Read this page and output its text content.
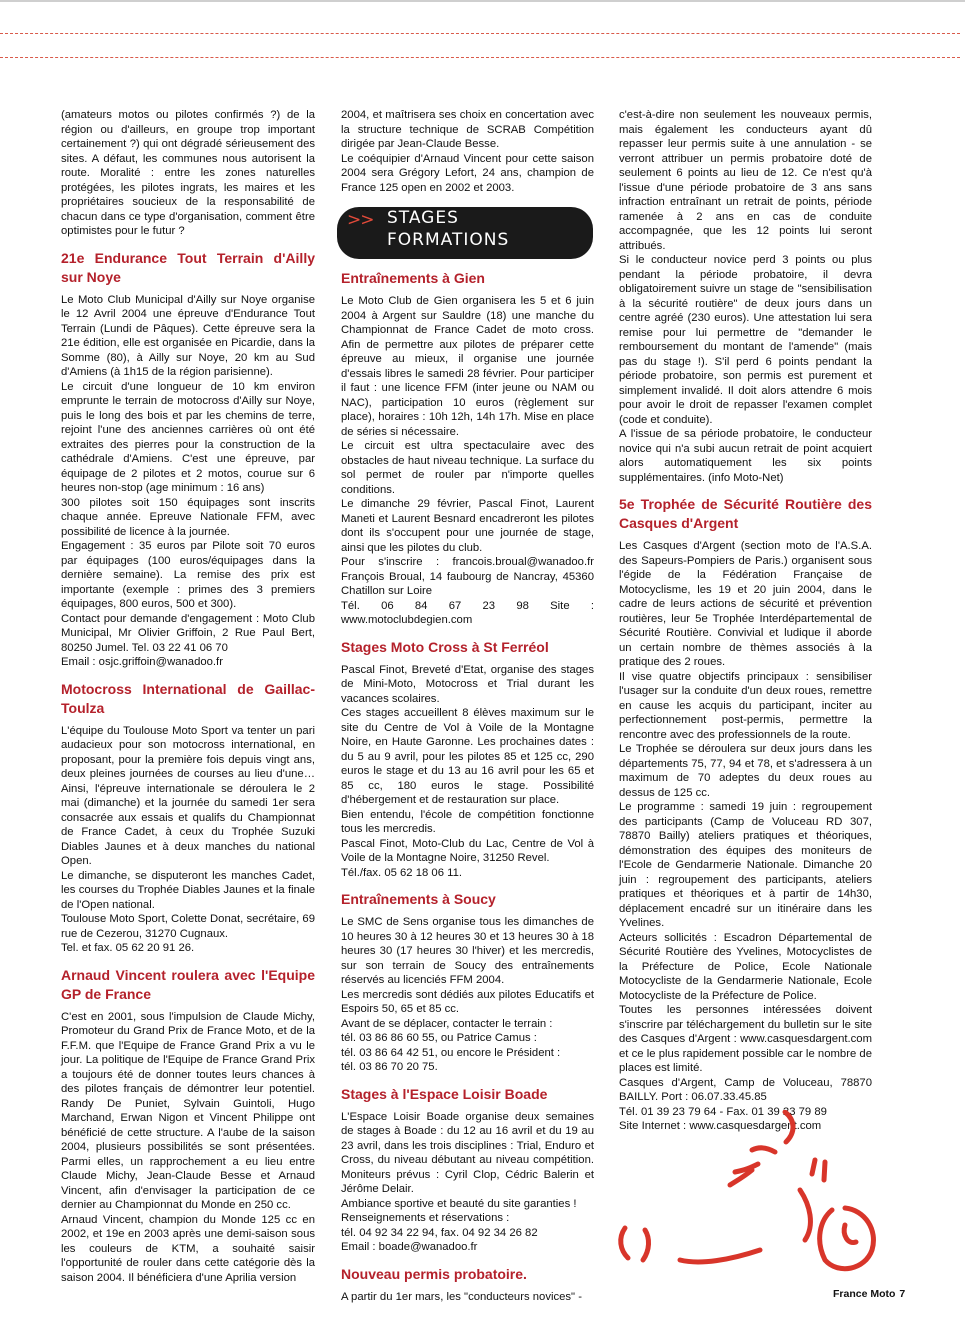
(amateurs motos ou pilotes confirmés ?) de la région ou d'ailleurs, en groupe trop important certainement ?) qui ont dégradé sérieusement des sites. A défaut, les communes nous autorisent la route. Moralité : entre les zones naturelles protégées, les pilotes ingrats, les maires et les propriétaires soucieux de la responsabilité de chacun dans ce type d'organisation, comment être optimistes pour le futur ?

21e Endurance Tout Terrain d'Ailly sur Noye

Le Moto Club Municipal d'Ailly sur Noye organise le 12 Avril 2004 une épreuve d'Endurance Tout Terrain (Lundi de Pâques). Cette épreuve sera la 21e édition, elle est organisée en Picardie, dans la Somme (80), à Ailly sur Noye, 20 km au Sud d'Amiens (à 1h15 de la région parisienne).

Le circuit d'une longueur de 10 km environ emprunte le terrain de motocross d'Ailly sur Noye, puis le long des bois et par les chemins de terre, rejoint l'une des anciennes carrières où ont été extraites des pierres pour la construction de la cathédrale d'Amiens. C'est une épreuve, par équipage de 2 pilotes et 2 motos, courue sur 6 heures non-stop (age minimum : 16 ans)

300 pilotes soit 150 équipages sont inscrits chaque année. Epreuve Nationale FFM, avec possibilité de licence à la journée.

Engagement : 35 euros par Pilote soit 70 euros par équipages (100 euros/équipages dans la dernière semaine). La remise des prix est importante (exemple : primes des 3 premiers équipages, 800 euros, 500 et 300).

Contact pour demande d'engagement : Moto Club Municipal, Mr Olivier Griffoin, 2 Rue Paul Bert, 80250 Jumel. Tel. 03 22 41 06 70

Email : osjc.griffoin@wanadoo.fr

Motocross International de Gaillac-Toulza

L'équipe du Toulouse Moto Sport va tenter un pari audacieux pour son motocross international, en proposant, pour la première fois depuis vingt ans, deux pleines journées de courses au lieu d'une… Ainsi, l'épreuve internationale se déroulera le 2 mai (dimanche) et la journée du samedi 1er sera consacrée aux essais et qualifs du Championnat de France Cadet, à ceux du Trophée Suzuki Diables Jaunes et à deux manches du national Open.

Le dimanche, se disputeront les manches Cadet, les courses du Trophée Diables Jaunes et la finale de l'Open national.

Toulouse Moto Sport, Colette Donat, secrétaire, 69 rue de Cezerou, 31270 Cugnaux.

Tel. et fax. 05 62 20 91 26.

Arnaud Vincent roulera avec l'Equipe GP de France

C'est en 2001, sous l'impulsion de Claude Michy, Promoteur du Grand Prix de France Moto, et de la F.F.M. que l'Equipe de France Grand Prix a vu le jour. La politique de l'Equipe de France Grand Prix a toujours été de donner toutes leurs chances à des pilotes français de démontrer leur potentiel. Randy De Puniet, Sylvain Guintoli, Hugo Marchand, Erwan Nigon et Vincent Philippe ont bénéficié de cette structure. A l'aube de la saison 2004, plusieurs possibilités se sont présentées. Parmi elles, un rapprochement a eu lieu entre Claude Michy, Jean-Claude Besse et Arnaud Vincent, afin d'envisager la participation de ce dernier au Championnat du Monde en 250 cc.

Arnaud Vincent, champion du Monde 125 cc en 2002, et 19e en 2003 après une demi-saison sous les couleurs de KTM, a souhaité saisir l'opportunité de rouler dans cette catégorie dès la saison 2004. Il bénéficiera d'une Aprilia version

2004, et maîtrisera ses choix en concertation avec la structure technique de SCRAB Compétition dirigée par Jean-Claude Besse.

Le coéquipier d'Arnaud Vincent pour cette saison 2004 sera Grégory Lefort, 24 ans, champion de France 125 open en 2002 et 2003.

>> STAGES
FORMATIONS
Entraînements à Gien

Le Moto Club de Gien organisera les 5 et 6 juin 2004 à Argent sur Sauldre (18) une manche du Championnat de France Cadet de moto cross. Afin de permettre aux pilotes de préparer cette épreuve au mieux, il organise une journée d'essais libres le samedi 28 février. Pour participer il faut : une licence FFM (inter jeune ou NAM ou NAC), participation 10 euros (règlement sur place), horaires : 10h 12h, 14h 17h. Mise en place de séries si nécessaire.

Le circuit est ultra spectaculaire avec des obstacles de haut niveau technique. La surface du sol permet de rouler par n'importe quelles conditions.

Le dimanche 29 février, Pascal Finot, Laurent Maneti et Laurent Besnard encadreront les pilotes dont ils s'occupent pour une journée de stage, ainsi que les pilotes du club.

Pour s'inscrire : francois.broual@wanadoo.fr François Broual, 14 faubourg de Nancray, 45360 Chatillon sur Loire

Tél. 06 84 67 23 98 Site : www.motoclubdegien.com

Stages Moto Cross à St Ferréol

Pascal Finot, Breveté d'Etat, organise des stages de Mini-Moto, Motocross et Trial durant les vacances scolaires.

Ces stages accueillent 8 élèves maximum sur le site du Centre de Vol à Voile de la Montagne Noire, en Haute Garonne. Les prochaines dates : du 5 au 9 avril, pour les pilotes 85 et 125 cc, 290 euros le stage et du 13 au 16 avril pour les 65 et 85 cc, 180 euros le stage. Possibilité d'hébergement et de restauration sur place.

Bien entendu, l'école de compétition fonctionne tous les mercredis.

Pascal Finot, Moto-Club du Lac, Centre de Vol à Voile de la Montagne Noire, 31250 Revel.

Tél./fax. 05 62 18 06 11.

Entraînements à Soucy

Le SMC de Sens organise tous les dimanches de 10 heures 30 à 12 heures 30 et 13 heures 30 à 18 heures 30 (17 heures 30 l'hiver) et les mercredis, sur son terrain de Soucy des entraînements réservés au licenciés FFM 2004.

Les mercredis sont dédiés aux pilotes Educatifs et Espoirs 50, 65 et 85 cc.

Avant de se déplacer, contacter le terrain :

tél. 03 86 86 60 55, ou Patrice Camus :

tél. 03 86 64 42 51, ou encore le Président :

tél. 03 86 70 20 75.

Stages à l'Espace Loisir Boade

L'Espace Loisir Boade organise deux semaines de stages à Boade : du 12 au 16 avril et du 19 au 23 avril, dans les trois disciplines : Trial, Enduro et Cross, du niveau débutant au niveau compétition. Moniteurs prévus : Cyril Clop, Cédric Balerin et Jérôme Delair.

Ambiance sportive et beauté du site garanties !

Renseignements et réservations :

tél. 04 92 34 22 94, fax. 04 92 34 26 82

Email : boade@wanadoo.fr

Nouveau permis probatoire.

A partir du 1er mars, les "conducteurs novices" -

c'est-à-dire non seulement les nouveaux permis, mais également les conducteurs ayant dû repasser leur permis suite à une annulation - se verront attribuer un permis probatoire doté de seulement 6 points au lieu de 12. Ce n'est qu'à l'issue d'une période probatoire de 3 ans sans infraction entraînant un retrait de points, période ramenée à 2 ans en cas de conduite accompagnée, que les 12 points lui seront attribués.

Si le conducteur novice perd 3 points ou plus pendant la période probatoire, il devra obligatoirement suivre un stage de "sensibilisation à la sécurité routière" de deux jours dans un centre agréé (230 euros). Une attestation lui sera remise pour lui permettre de "demander le remboursement du montant de l'amende" (mais pas du stage !). S'il perd 6 points pendant la période probatoire, son permis est purement et simplement invalidé. Il doit alors attendre 6 mois pour avoir le droit de repasser l'examen complet (code et conduite).

A l'issue de sa période probatoire, le conducteur novice qui n'a subi aucun retrait de point acquiert alors automatiquement les six points supplémentaires. (info Moto-Net)

5e Trophée de Sécurité Routière des Casques d'Argent

Les Casques d'Argent (section moto de l'A.S.A. des Sapeurs-Pompiers de Paris.) organisent sous l'égide de la Fédération Française de Motocyclisme, les 19 et 20 juin 2004, dans le cadre de leurs actions de sécurité et prévention routières, leur 5e Trophée Interdépartemental de Sécurité Routière. Convivial et ludique il aborde un certain nombre de thèmes associés à la pratique des 2 roues.

Il vise quatre objectifs principaux : sensibiliser l'usager sur la conduite d'un deux roues, remettre en cause les acquis du participant, inciter au perfectionnement post-permis, permettre la rencontre avec des professionnels de la route.

Le Trophée se déroulera sur deux jours dans les départements 75, 77, 94 et 78, et s'adressera à un maximum de 70 adeptes du deux roues au dessus de 125 cc.

Le programme : samedi 19 juin : regroupement des participants (Camp de Voluceau RD 307, 78870 Bailly) ateliers pratiques et théoriques, démonstration des équipes des moniteurs de l'Ecole de Gendarmerie Nationale. Dimanche 20 juin : regroupement des participants, ateliers pratiques et théoriques et à partir de 14h30, déplacement encadré sur un itinéraire dans les Yvelines.

Acteurs sollicités : Escadron Départemental de Sécurité Routière des Yvelines, Motocyclistes de la Préfecture de Police, Ecole Nationale Motocycliste de la Gendarmerie Nationale, Ecole Motocycliste de la Préfecture de Police.

Toutes les personnes intéressées doivent s'inscrire par téléchargement du bulletin sur le site des Casques d'Argent : www.casquesdargent.com et ce le plus rapidement possible car le nombre de places est limité.

Casques d'Argent, Camp de Voluceau, 78870 BAILLY. Port : 06.07.33.45.85

Tél. 01 39 23 79 64 - Fax. 01 39 23 79 89

Site Internet : www.casquesdargent.com

France Moto 7
